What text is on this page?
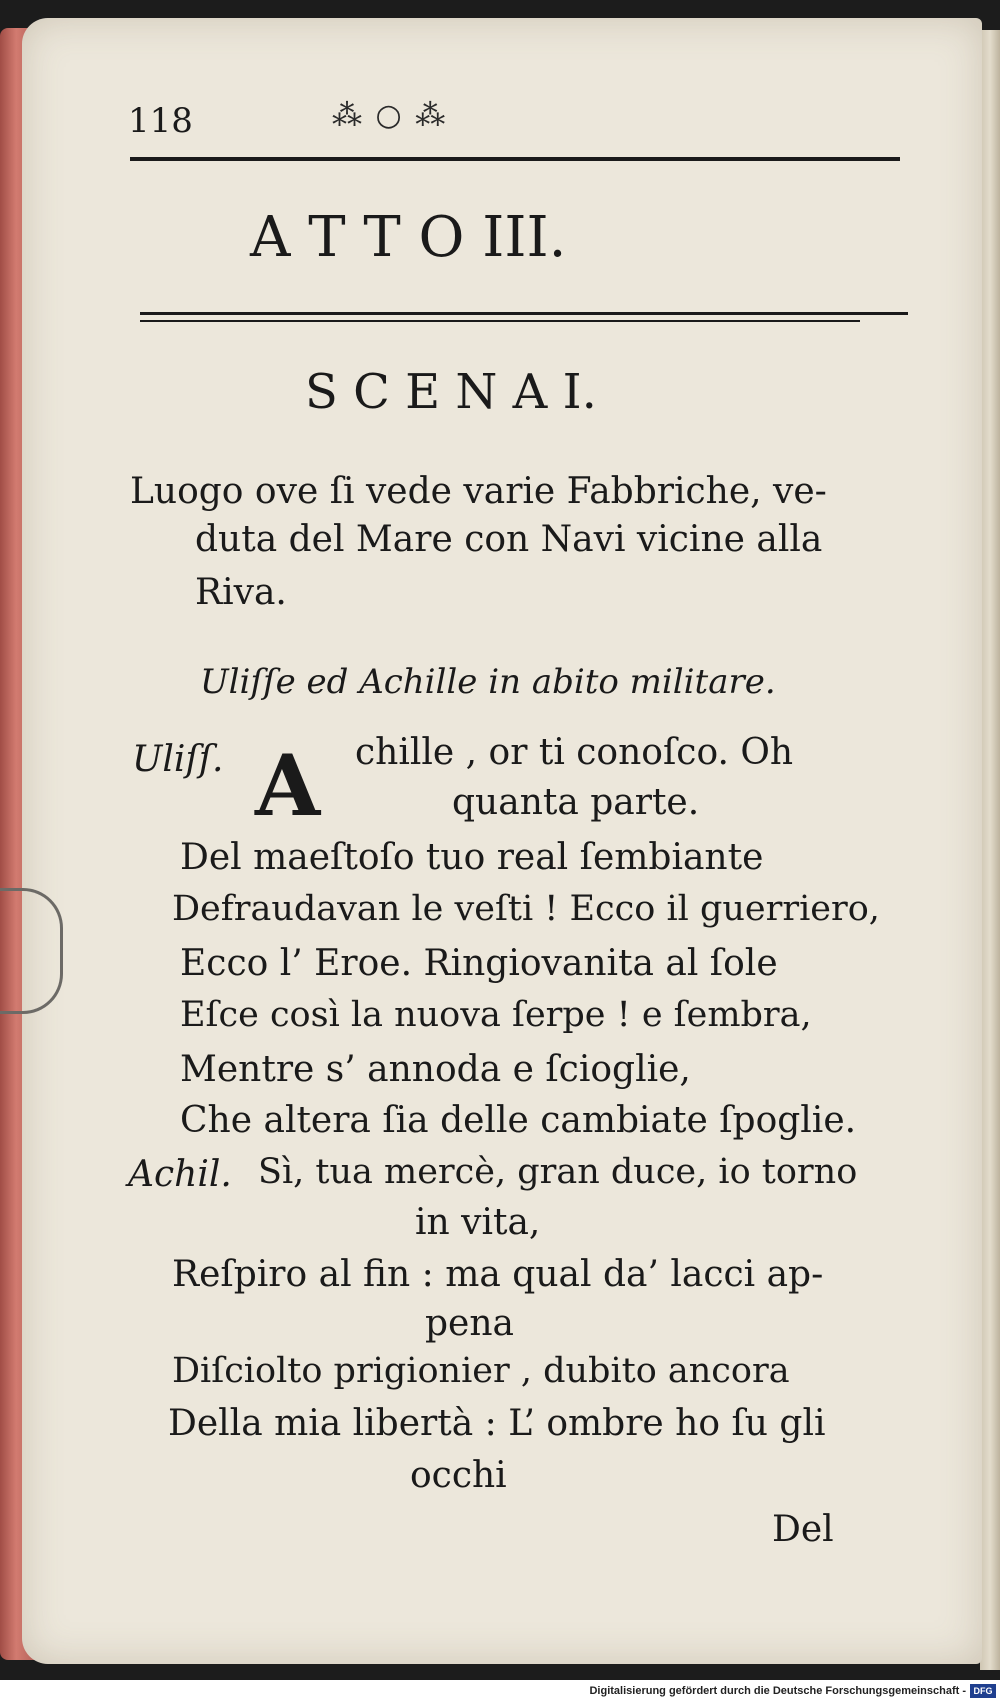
118	⁂ ○ ⁂
A T T O III.
S C E N A I.
Luogo ove ſi vede varie Fabbriche, ve-
duta del Mare con Navi vicine alla
Riva.
Uliſſe ed Achille in abito militare.
Uliſſ. A chille , or ti conoſco. Oh
quanta parte.
Del maeſtoſo tuo real ſembiante
Defraudavan le veſti ! Ecco il guerriero,
Ecco l’ Eroe. Ringiovanita al ſole
Eſce così la nuova ſerpe ! e ſembra,
Mentre s’ annoda e ſcioglie,
Che altera ſia delle cambiate ſpoglie.
Achil. Sì, tua mercè, gran duce, io torno
in vita,
Reſpiro al fin : ma qual da’ lacci ap-
pena
Diſciolto prigionier , dubito ancora
Della mia libertà : L’ ombre ho ſu gli
occhi
Del
Digitalisierung gefördert durch die Deutsche Forschungsgemeinschaft - DFG
